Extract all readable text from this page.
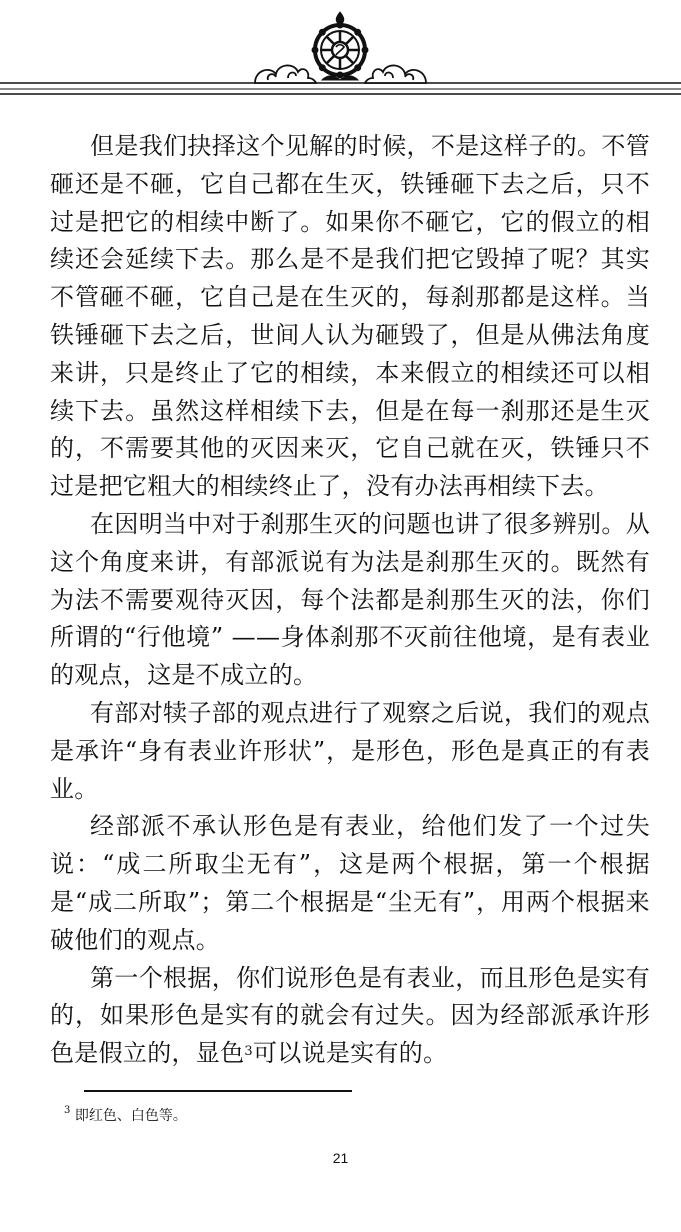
但是我们抉择这个见解的时候，不是这样子的。不管砸还是不砸，它自己都在生灭，铁锤砸下去之后，只不过是把它的相续中断了。如果你不砸它，它的假立的相续还会延续下去。那么是不是我们把它毁掉了呢？其实不管砸不砸，它自己是在生灭的，每刹那都是这样。当铁锤砸下去之后，世间人认为砸毁了，但是从佛法角度来讲，只是终止了它的相续，本来假立的相续还可以相续下去。虽然这样相续下去，但是在每一刹那还是生灭的，不需要其他的灭因来灭，它自己就在灭，铁锤只不过是把它粗大的相续终止了，没有办法再相续下去。

在因明当中对于刹那生灭的问题也讲了很多辨别。从这个角度来讲，有部派说有为法是刹那生灭的。既然有为法不需要观待灭因，每个法都是刹那生灭的法，你们所谓的“行他境” ——身体刹那不灭前往他境，是有表业的观点，这是不成立的。

有部对犊子部的观点进行了观察之后说，我们的观点是承许“身有表业许形状”，是形色，形色是真正的有表业。

经部派不承认形色是有表业，给他们发了一个过失说：“成二所取尘无有”，这是两个根据，第一个根据是“成二所取”；第二个根据是“尘无有”，用两个根据来破他们的观点。

第一个根据，你们说形色是有表业，而且形色是实有的，如果形色是实有的就会有过失。因为经部派承许形色是假立的，显色$^3$可以说是实有的。

$^3$ 即红色、白色等。
21
